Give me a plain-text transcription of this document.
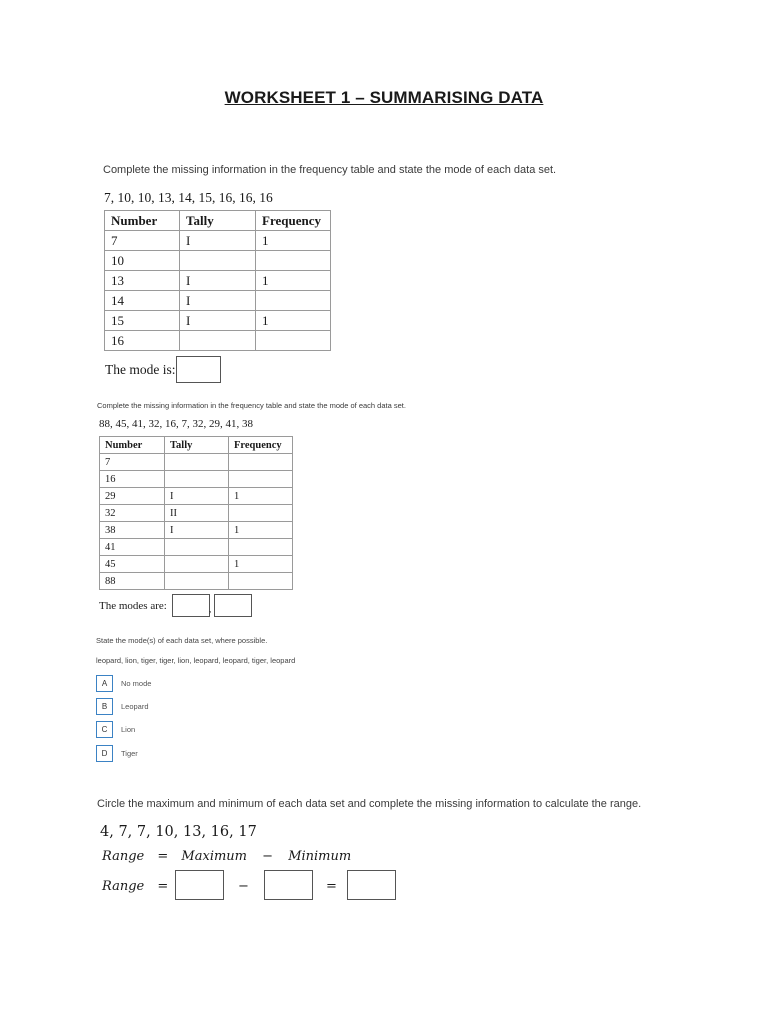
WORKSHEET 1 – SUMMARISING DATA
Complete the missing information in the frequency table and state the mode of each data set.
7, 10, 10, 13, 14, 15, 16, 16, 16
Number	Tally	Frequency
7	I	1
10		
13	I	1
14	I	
15	I	1
16		
The mode is:
Complete the missing information in the frequency table and state the mode of each data set.
88, 45, 41, 32, 16, 7, 32, 29, 41, 38
Number	Tally	Frequency
7		
16		
29	I	1
32	II	
38	I	1
41		
45		1
88		
The modes are:	,
State the mode(s) of each data set, where possible.
leopard, lion, tiger, tiger, lion, leopard, leopard, tiger, leopard
A	No mode
B	Leopard
C	Lion
D	Tiger
Circle the maximum and minimum of each data set and complete the missing information to calculate the range.
4, 7, 7, 10, 13, 16, 17
Range = Maximum − Minimum
Range =	−	=
